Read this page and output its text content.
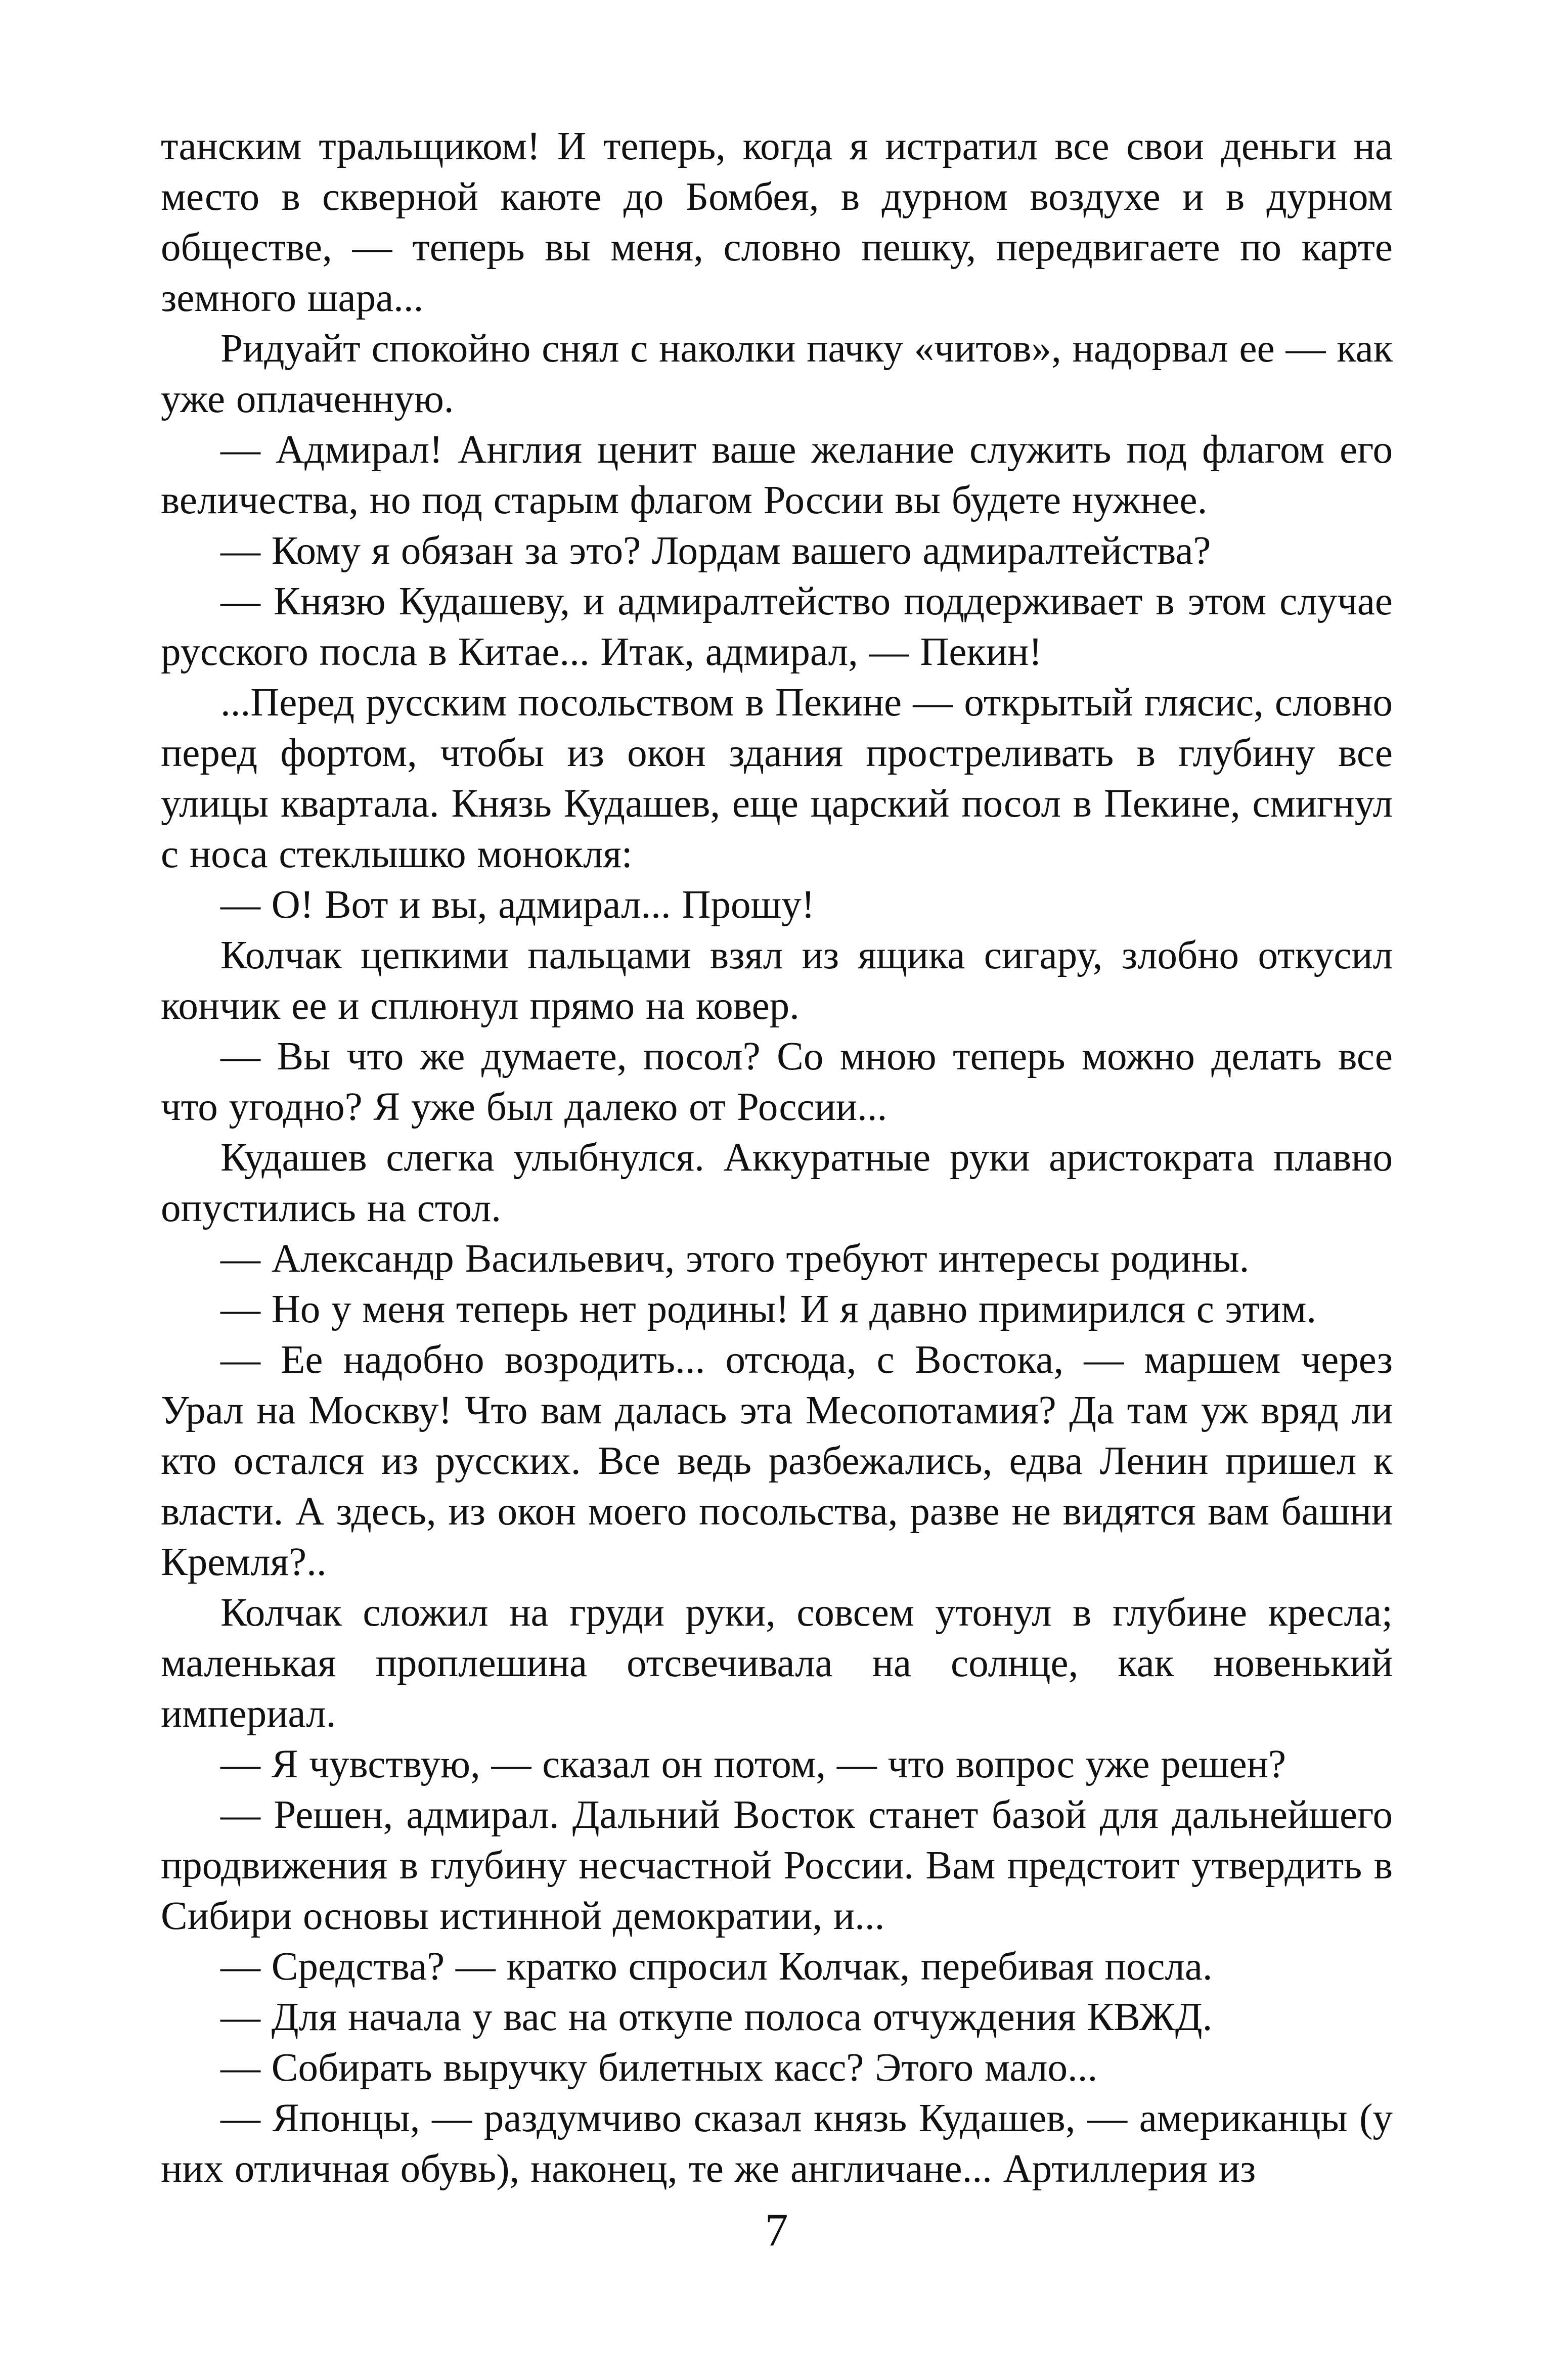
танским тральщиком! И теперь, когда я истратил все свои деньги на место в скверной каюте до Бомбея, в дурном воздухе и в дурном обществе, — теперь вы меня, словно пешку, передвигаете по карте земного шара...

Ридуайт спокойно снял с наколки пачку «читов», надорвал ее — как уже оплаченную.

— Адмирал! Англия ценит ваше желание служить под флагом его величества, но под старым флагом России вы будете нужнее.

— Кому я обязан за это? Лордам вашего адмиралтейства?

— Князю Кудашеву, и адмиралтейство поддерживает в этом случае русского посла в Китае... Итак, адмирал, — Пекин!

...Перед русским посольством в Пекине — открытый глясис, словно перед фортом, чтобы из окон здания простреливать в глубину все улицы квартала. Князь Кудашев, еще царский посол в Пекине, смигнул с носа стеклышко монокля:

— О! Вот и вы, адмирал... Прошу!

Колчак цепкими пальцами взял из ящика сигару, злобно откусил кончик ее и сплюнул прямо на ковер.

— Вы что же думаете, посол? Со мною теперь можно делать все что угодно? Я уже был далеко от России...

Кудашев слегка улыбнулся. Аккуратные руки аристократа плавно опустились на стол.

— Александр Васильевич, этого требуют интересы родины.

— Но у меня теперь нет родины! И я давно примирился с этим.

— Ее надобно возродить... отсюда, с Востока, — маршем через Урал на Москву! Что вам далась эта Месопотамия? Да там уж вряд ли кто остался из русских. Все ведь разбежались, едва Ленин пришел к власти. А здесь, из окон моего посольства, разве не видятся вам башни Кремля?..

Колчак сложил на груди руки, совсем утонул в глубине кресла; маленькая проплешина отсвечивала на солнце, как новенький империал.

— Я чувствую, — сказал он потом, — что вопрос уже решен?

— Решен, адмирал. Дальний Восток станет базой для дальнейшего продвижения в глубину несчастной России. Вам предстоит утвердить в Сибири основы истинной демократии, и...

— Средства? — кратко спросил Колчак, перебивая посла.

— Для начала у вас на откупе полоса отчуждения КВЖД.

— Собирать выручку билетных касс? Этого мало...

— Японцы, — раздумчиво сказал князь Кудашев, — американцы (у них отличная обувь), наконец, те же англичане... Артиллерия из

7
